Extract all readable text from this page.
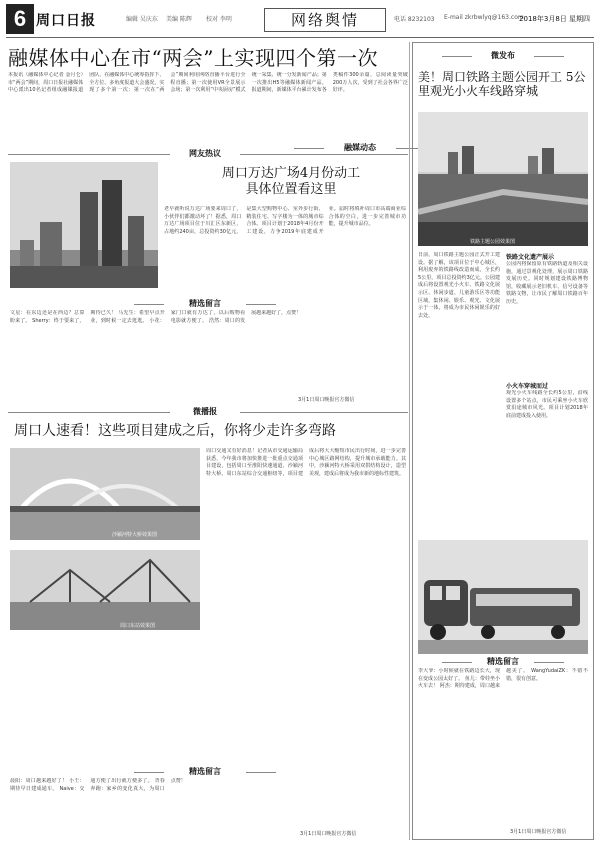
6 周口日报	编辑 吴庆东 美编 陈辉 校对 李明	网络舆情	电话 8232103 E-mail zkrbwlyq@163.com
2018年3月8日 星期四
融媒体中心在市“两会”上实现四个第一次
本报讯（融媒体中心记者 金月仑）市“两会”期间，周口日报社融媒体中心派出10名记者组成融媒报道团队，在融媒体中心统筹指挥下，全方位、多角度报道大会盛况，实现了多个第一次：第一次在“两会”期间利用网络直播平台进行全程直播；第一次使用VR全景展示会场；第一次利用“中央厨房”模式统一采集、统一分发新闻产品；第一次推出H5等融媒体新闻产品。报道期间，新媒体平台累计发布各类稿件300余篇，总阅读量突破200万人次，受到了社会各界广泛好评。
融媒动态
网友热议
周口万达广场4月份动工
具体位置看这里
老早就听说万达广场要来周口了，小伙伴们都激动坏了！据悉，周口万达广场项目位于川汇区东新区，占地约240亩，总投资约30亿元，是集大型购物中心、室外步行街、精装住宅、写字楼为一体的城市综合体。项目计划于2018年4月份开工建设，力争2019年底建成开业。届时将填补周口市高端商业综合体的空白，进一步完善城市功能，提升城市品位。
精选留言
文星：在东边还是在西边？总算盼来了。 Sherry：终于要来了，期待已久！ 马先生：希望早点开业，到时候一定去逛逛。 小花：家门口就有万达了，以后购物看电影就方便了。 浩然：周口的发展越来越好了，点赞！
3月1日周口晚报官方微信
微播报
周口人速看！这些项目建成之后，你将少走许多弯路
沙颍河特大桥效果图
周口东站效果图
周口交通又有好消息！记者从市交通运输局获悉，今年我市将加快推进一批重点交通项目建设，包括周口至淮阳快速通道、沙颍河特大桥、周口东站综合交通枢纽等，项目建成后将大大缩短市民出行时间，进一步完善中心城区路网结构，提升城市承载能力。其中，沙颍河特大桥采用双拱结构设计，造型美观，建成后将成为我市新的地标性建筑。
精选留言
晨阳：周口越来越好了！ 小王：期待早日建成通车。 Naive：交通方便了出行就方便多了。 青春奔跑：家乡的变化真大，为周口点赞！
3月1日周口晚报官方微信
微发布
美！周口铁路主题公园开工 5公里观光小火车线路穿城
铁路主题公园效果图
日前，周口铁路主题公园正式开工建设。据了解，该项目位于中心城区，利用废弃的铁路线改造而成，全长约5公里，项目总投资约3亿元。公园建成后将设置观光小火车、铁路文化展示区、休闲步道、儿童游乐区等功能区域，集休闲、娱乐、观光、文化展示于一体，将成为市民休闲娱乐的好去处。
铁路文化遗产展示
公园内将保留原有铁路轨道及相关设施，通过景观化处理，展示周口铁路发展历史。同时规划建设铁路博物馆，收藏展示老旧机车、信号设备等铁路文物，让市民了解周口铁路百年历史。
小火车穿城而过
观光小火车线路全长约5公里，沿线设置多个站点，市民可乘坐小火车欣赏沿途城市风光。项目计划2018年底前建成投入使用。
精选留言
李大爷：小时候就在铁路边长大，现在变成公园太好了。 鱼儿：带娃坐小火车去！ 阿杰：期待建成，周口越来越美了。 WangYudaiZK：不错不错，很有创意。
3月1日周口晚报官方微信
